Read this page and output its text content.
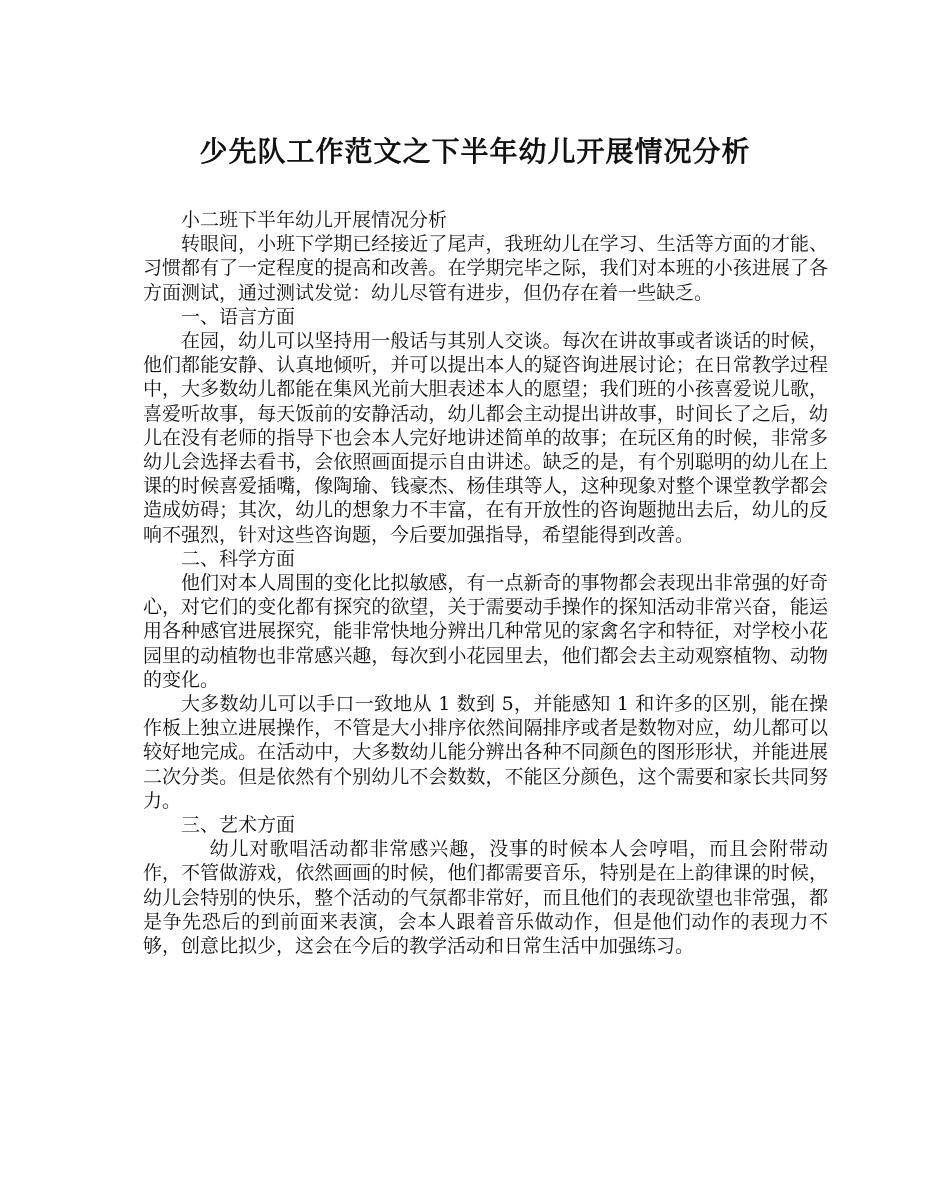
少先队工作范文之下半年幼儿开展情况分析

小二班下半年幼儿开展情况分析

转眼间，小班下学期已经接近了尾声，我班幼儿在学习、生活等方面的才能、习惯都有了一定程度的提高和改善。在学期完毕之际，我们对本班的小孩进展了各方面测试，通过测试发觉：幼儿尽管有进步，但仍存在着一些缺乏。

一、语言方面

在园，幼儿可以坚持用一般话与其别人交谈。每次在讲故事或者谈话的时候，他们都能安静、认真地倾听，并可以提出本人的疑咨询进展讨论；在日常教学过程中，大多数幼儿都能在集风光前大胆表述本人的愿望；我们班的小孩喜爱说儿歌，喜爱听故事，每天饭前的安静活动，幼儿都会主动提出讲故事，时间长了之后，幼儿在没有老师的指导下也会本人完好地讲述简单的故事；在玩区角的时候，非常多幼儿会选择去看书，会依照画面提示自由讲述。缺乏的是，有个别聪明的幼儿在上课的时候喜爱插嘴，像陶瑜、钱豪杰、杨佳琪等人，这种现象对整个课堂教学都会造成妨碍；其次，幼儿的想象力不丰富，在有开放性的咨询题抛出去后，幼儿的反响不强烈，针对这些咨询题，今后要加强指导，希望能得到改善。

二、科学方面

他们对本人周围的变化比拟敏感，有一点新奇的事物都会表现出非常强的好奇心，对它们的变化都有探究的欲望，关于需要动手操作的探知活动非常兴奋，能运用各种感官进展探究，能非常快地分辨出几种常见的家禽名字和特征，对学校小花园里的动植物也非常感兴趣，每次到小花园里去，他们都会去主动观察植物、动物的变化。

大多数幼儿可以手口一致地从 1 数到 5，并能感知 1 和许多的区别，能在操作板上独立进展操作，不管是大小排序依然间隔排序或者是数物对应，幼儿都可以较好地完成。在活动中，大多数幼儿能分辨出各种不同颜色的图形形状，并能进展二次分类。但是依然有个别幼儿不会数数，不能区分颜色，这个需要和家长共同努力。

三、艺术方面

幼儿对歌唱活动都非常感兴趣，没事的时候本人会哼唱，而且会附带动作，不管做游戏，依然画画的时候，他们都需要音乐，特别是在上韵律课的时候，幼儿会特别的快乐，整个活动的气氛都非常好，而且他们的表现欲望也非常强，都是争先恐后的到前面来表演，会本人跟着音乐做动作，但是他们动作的表现力不够，创意比拟少，这会在今后的教学活动和日常生活中加强练习。
